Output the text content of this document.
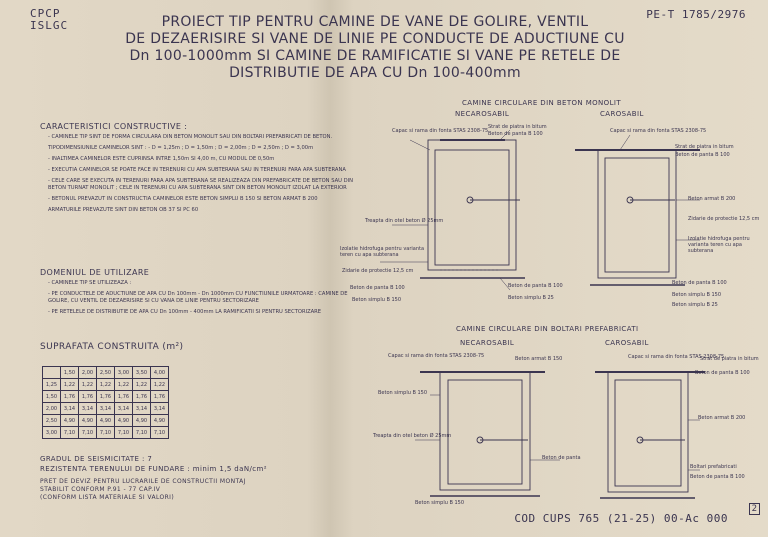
CPCP
ISLGC
PE-T 1785/2976
PROIECT TIP PENTRU CAMINE DE VANE DE GOLIRE, VENTIL
DE DEZAERISIRE SI VANE DE LINIE PE CONDUCTE DE ADUCTIUNE CU
Dn 100-1000mm SI CAMINE DE RAMIFICATIE SI VANE PE RETELE DE
DISTRIBUTIE DE APA CU Dn 100-400mm
CARACTERISTICI CONSTRUCTIVE :
- CAMINELE TIP SINT DE FORMA CIRCULARA DIN BETON MONOLIT SAU DIN BOLTARI PREFABRICATI DE BETON.
TIPODIMENSIUNILE CAMINELOR SINT : - D = 1,25m ; D = 1,50m ; D = 2,00m ; D = 2,50m ; D = 3,00m
- INALTIMEA CAMINELOR ESTE CUPRINSA INTRE 1,50m SI 4,00 m, CU MODUL DE 0,50m
- EXECUTIA CAMINELOR SE POATE FACE IN TERENURI CU APA SUBTERANA SAU IN TERENURI FARA APA SUBTERANA
- CELE CARE SE EXECUTA IN TERENURI FARA APA SUBTERANA SE REALIZEAZA DIN PREFABRICATE DE BETON SAU DIN BETON TURNAT MONOLIT ; CELE IN TERENURI CU APA SUBTERANA SINT DIN BETON MONOLIT IZOLAT LA EXTERIOR
- BETONUL PREVAZUT IN CONSTRUCTIA CAMINELOR ESTE BETON SIMPLU B 150 SI BETON ARMAT B 200
ARMATURILE PREVAZUTE SINT DIN BETON OB 37 SI PC 60
DOMENIUL DE UTILIZARE
- CAMINELE TIP SE UTILIZEAZA :
- PE CONDUCTELE DE ADUCTIUNE DE APA CU Dn 100mm - Dn 1000mm CU FUNCTIUNILE URMATOARE : CAMINE DE GOLIRE, CU VENTIL DE DEZAERISIRE SI CU VANA DE LINIE PENTRU SECTORIZARE
- PE RETELELE DE DISTRIBUTIE DE APA CU Dn 100mm - 400mm LA RAMIFICATII SI PENTRU SECTORIZARE
SUPRAFATA CONSTRUITA (m²)
	1,50	2,00	2,50	3,00	3,50	4,00
1,25	1,22	1,22	1,22	1,22	1,22	1,22
1,50	1,76	1,76	1,76	1,76	1,76	1,76
2,00	3,14	3,14	3,14	3,14	3,14	3,14
2,50	4,90	4,90	4,90	4,90	4,90	4,90
3,00	7,10	7,10	7,10	7,10	7,10	7,10
GRADUL DE SEISMICITATE : 7
REZISTENTA TERENULUI DE FUNDARE : minim 1,5 daN/cm²
PRET DE DEVIZ PENTRU LUCRARILE DE CONSTRUCTII MONTAJ
STABILIT CONFORM P.91 - 77 CAP.IV
(CONFORM LISTA MATERIALE SI VALORI)
CAMINE CIRCULARE DIN BETON MONOLIT
NECAROSABIL	CAROSABIL
CAMINE CIRCULARE DIN BOLTARI PREFABRICATI
NECAROSABIL	CAROSABIL
Capac si rama din fonta STAS 2308-75
Strat de piatra in bitum
Beton de panta B 100
Treapta din otel beton Ø 25mm
Izolatie hidrofuga pentru varianta teren cu apa subterana
Zidarie de protectie 12,5 cm
Beton de panta B 100
Beton simplu B 150
Beton de panta B 100
Beton simplu B 25
Capac si rama din fonta STAS 2308-75
Strat de piatra in bitum
Beton de panta B 100
Beton armat B 200
Zidarie de protectie 12,5 cm
Izolatie hidrofuga pentru varianta teren cu apa subterana
Beton de panta B 100
Beton simplu B 150
Beton simplu B 25
Capac si rama din fonta STAS 2308-75	Beton armat B 150
Beton simplu B 150
Treapta din otel beton Ø 25mm
Beton de panta
Beton simplu B 150
Capac si rama din fonta STAS 2308-75
Strat de piatra in bitum
Beton de panta B 100
Beton armat B 200
Boltari prefabricati
Beton de panta B 100
COD CUPS 765 (21-25) 00-Ac 000
2
